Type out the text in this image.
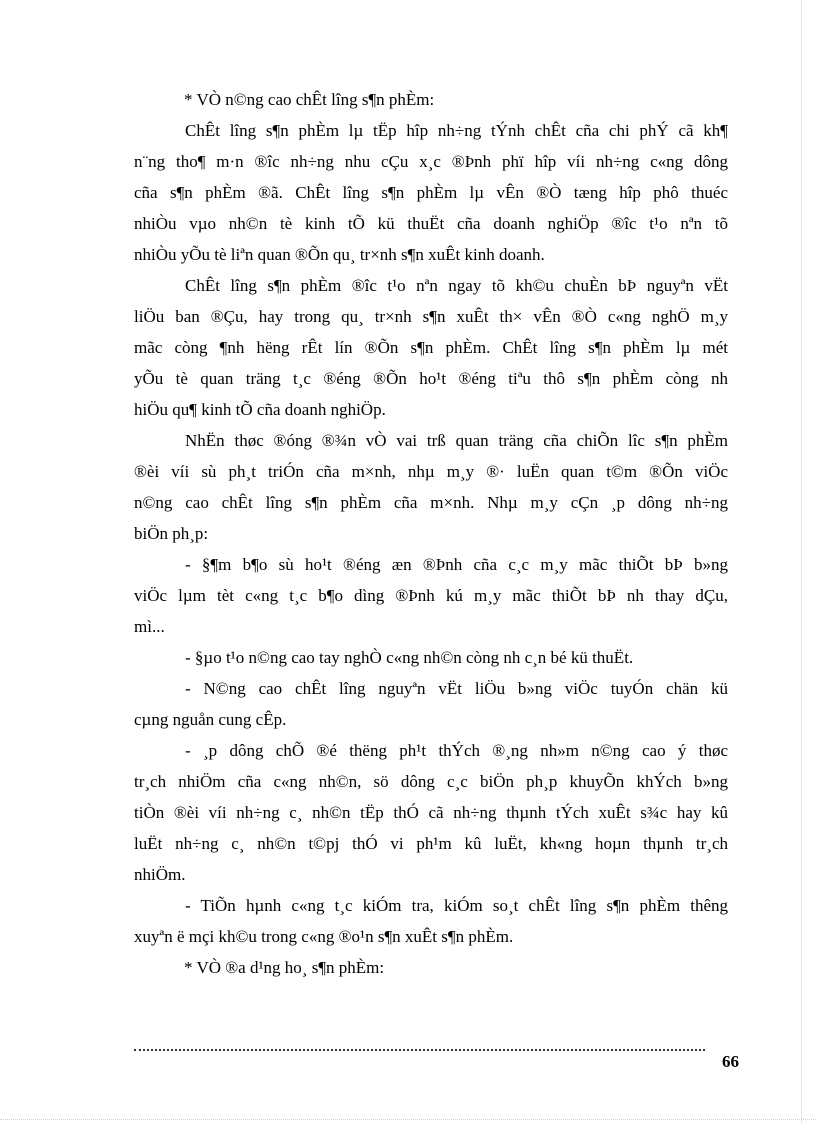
* VÒ n©ng cao chÊt lîng s¶n phÈm:
ChÊt lîng s¶n phÈm lµ tËp hîp nh÷ng tÝnh chÊt cña chi phÝ cã kh¶
n¨ng tho¶ m·n ®îc nh÷ng nhu cÇu x¸c ®Þnh phï hîp víi nh÷ng c«ng dông
cña s¶n phÈm ®ã. ChÊt lîng s¶n phÈm lµ vÊn ®Ò tæng hîp phô thuéc
nhiÒu vµo nh©n tè kinh tÕ kü thuËt cña doanh nghiÖp ®îc t¹o nªn tõ
nhiÒu yÕu tè liªn quan ®Õn qu¸ tr×nh s¶n xuÊt kinh doanh.
ChÊt lîng s¶n phÈm ®îc t¹o nªn ngay tõ kh©u chuÈn bÞ nguyªn vËt
liÖu ban ®Çu, hay trong qu¸ tr×nh s¶n xuÊt th× vÊn ®Ò c«ng nghÖ m¸y
mãc còng ¶nh hëng rÊt lín ®Õn s¶n phÈm. ChÊt lîng s¶n phÈm lµ mét
yÕu tè quan träng t¸c ®éng ®Õn ho¹t ®éng tiªu thô s¶n phÈm còng nh
hiÖu qu¶ kinh tÕ cña doanh nghiÖp.
NhËn thøc ®óng ®¾n vÒ vai trß quan träng cña chiÕn lîc s¶n phÈm
®èi víi sù ph¸t triÓn cña m×nh, nhµ m¸y ®· luËn quan t©m ®Õn viÖc
n©ng cao chÊt lîng s¶n phÈm cña m×nh. Nhµ m¸y cÇn ¸p dông nh÷ng
biÖn ph¸p:
- §¶m b¶o sù ho¹t ®éng æn ®Þnh cña c¸c m¸y mãc thiÕt bÞ b»ng
viÖc lµm tèt c«ng t¸c b¶o dìng ®Þnh kú m¸y mãc thiÕt bÞ nh thay dÇu,
mì...
- §µo t¹o n©ng cao tay nghÒ c«ng nh©n còng nh c¸n bé kü thuËt.
- N©ng cao chÊt lîng nguyªn vËt liÖu b»ng viÖc tuyÓn chän kü
cµng nguån cung cÊp.
- ¸p dông chÕ ®é thëng ph¹t thÝch ®¸ng nh»m n©ng cao ý thøc
tr¸ch nhiÖm cña c«ng nh©n, sö dông c¸c biÖn ph¸p khuyÕn khÝch b»ng
tiÒn ®èi víi nh÷ng c¸ nh©n tËp thÓ cã nh÷ng thµnh tÝch xuÊt s¾c hay kû
luËt nh÷ng c¸ nh©n t©pj thÓ vi ph¹m kû luËt, kh«ng hoµn thµnh tr¸ch
nhiÖm.
- TiÕn hµnh c«ng t¸c kiÓm tra, kiÓm so¸t chÊt lîng s¶n phÈm thêng
xuyªn ë mçi kh©u trong c«ng ®o¹n s¶n xuÊt s¶n phÈm.
* VÒ ®a d¹ng ho¸ s¶n phÈm:
66
